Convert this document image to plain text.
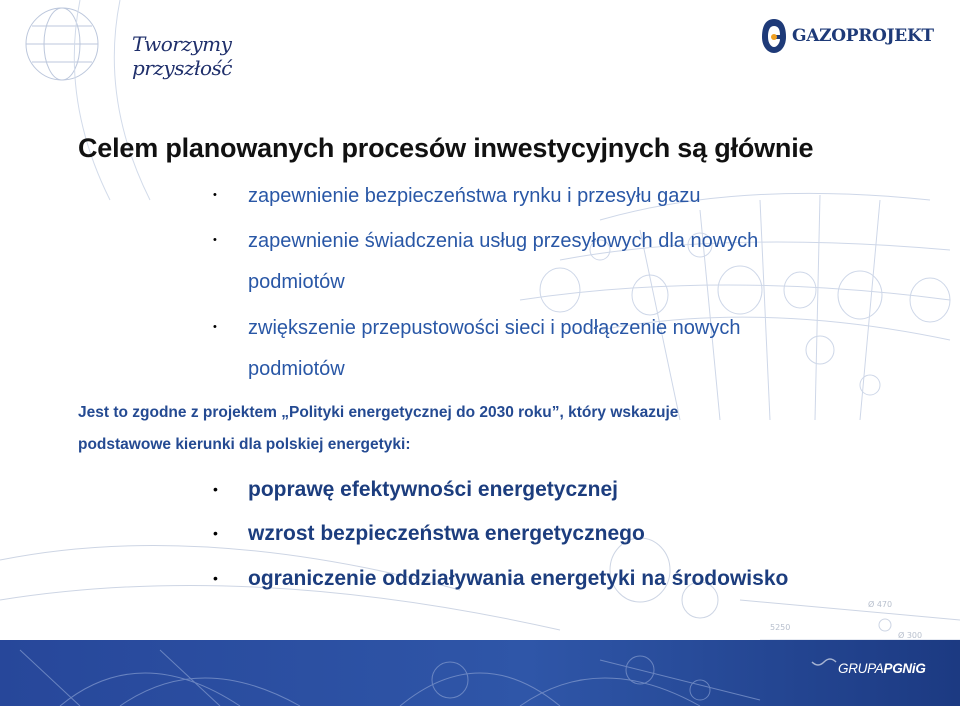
Ø 470
5250
Ø 300
Tworzymy przyszłość
GAZOPROJEKT
Celem planowanych procesów inwestycyjnych są głównie
• zapewnienie bezpieczeństwa rynku i przesyłu gazu
• zapewnienie świadczenia usług przesyłowych dla nowych
podmiotów
• zwiększenie przepustowości sieci i podłączenie nowych
podmiotów

Jest to zgodne z projektem „Polityki energetycznej do 2030 roku”, który wskazuje
podstawowe kierunki dla polskiej energetyki:

• poprawę efektywności energetycznej
• wzrost bezpieczeństwa energetycznego
• ograniczenie oddziaływania energetyki na środowisko
GRUPAPGNiG
